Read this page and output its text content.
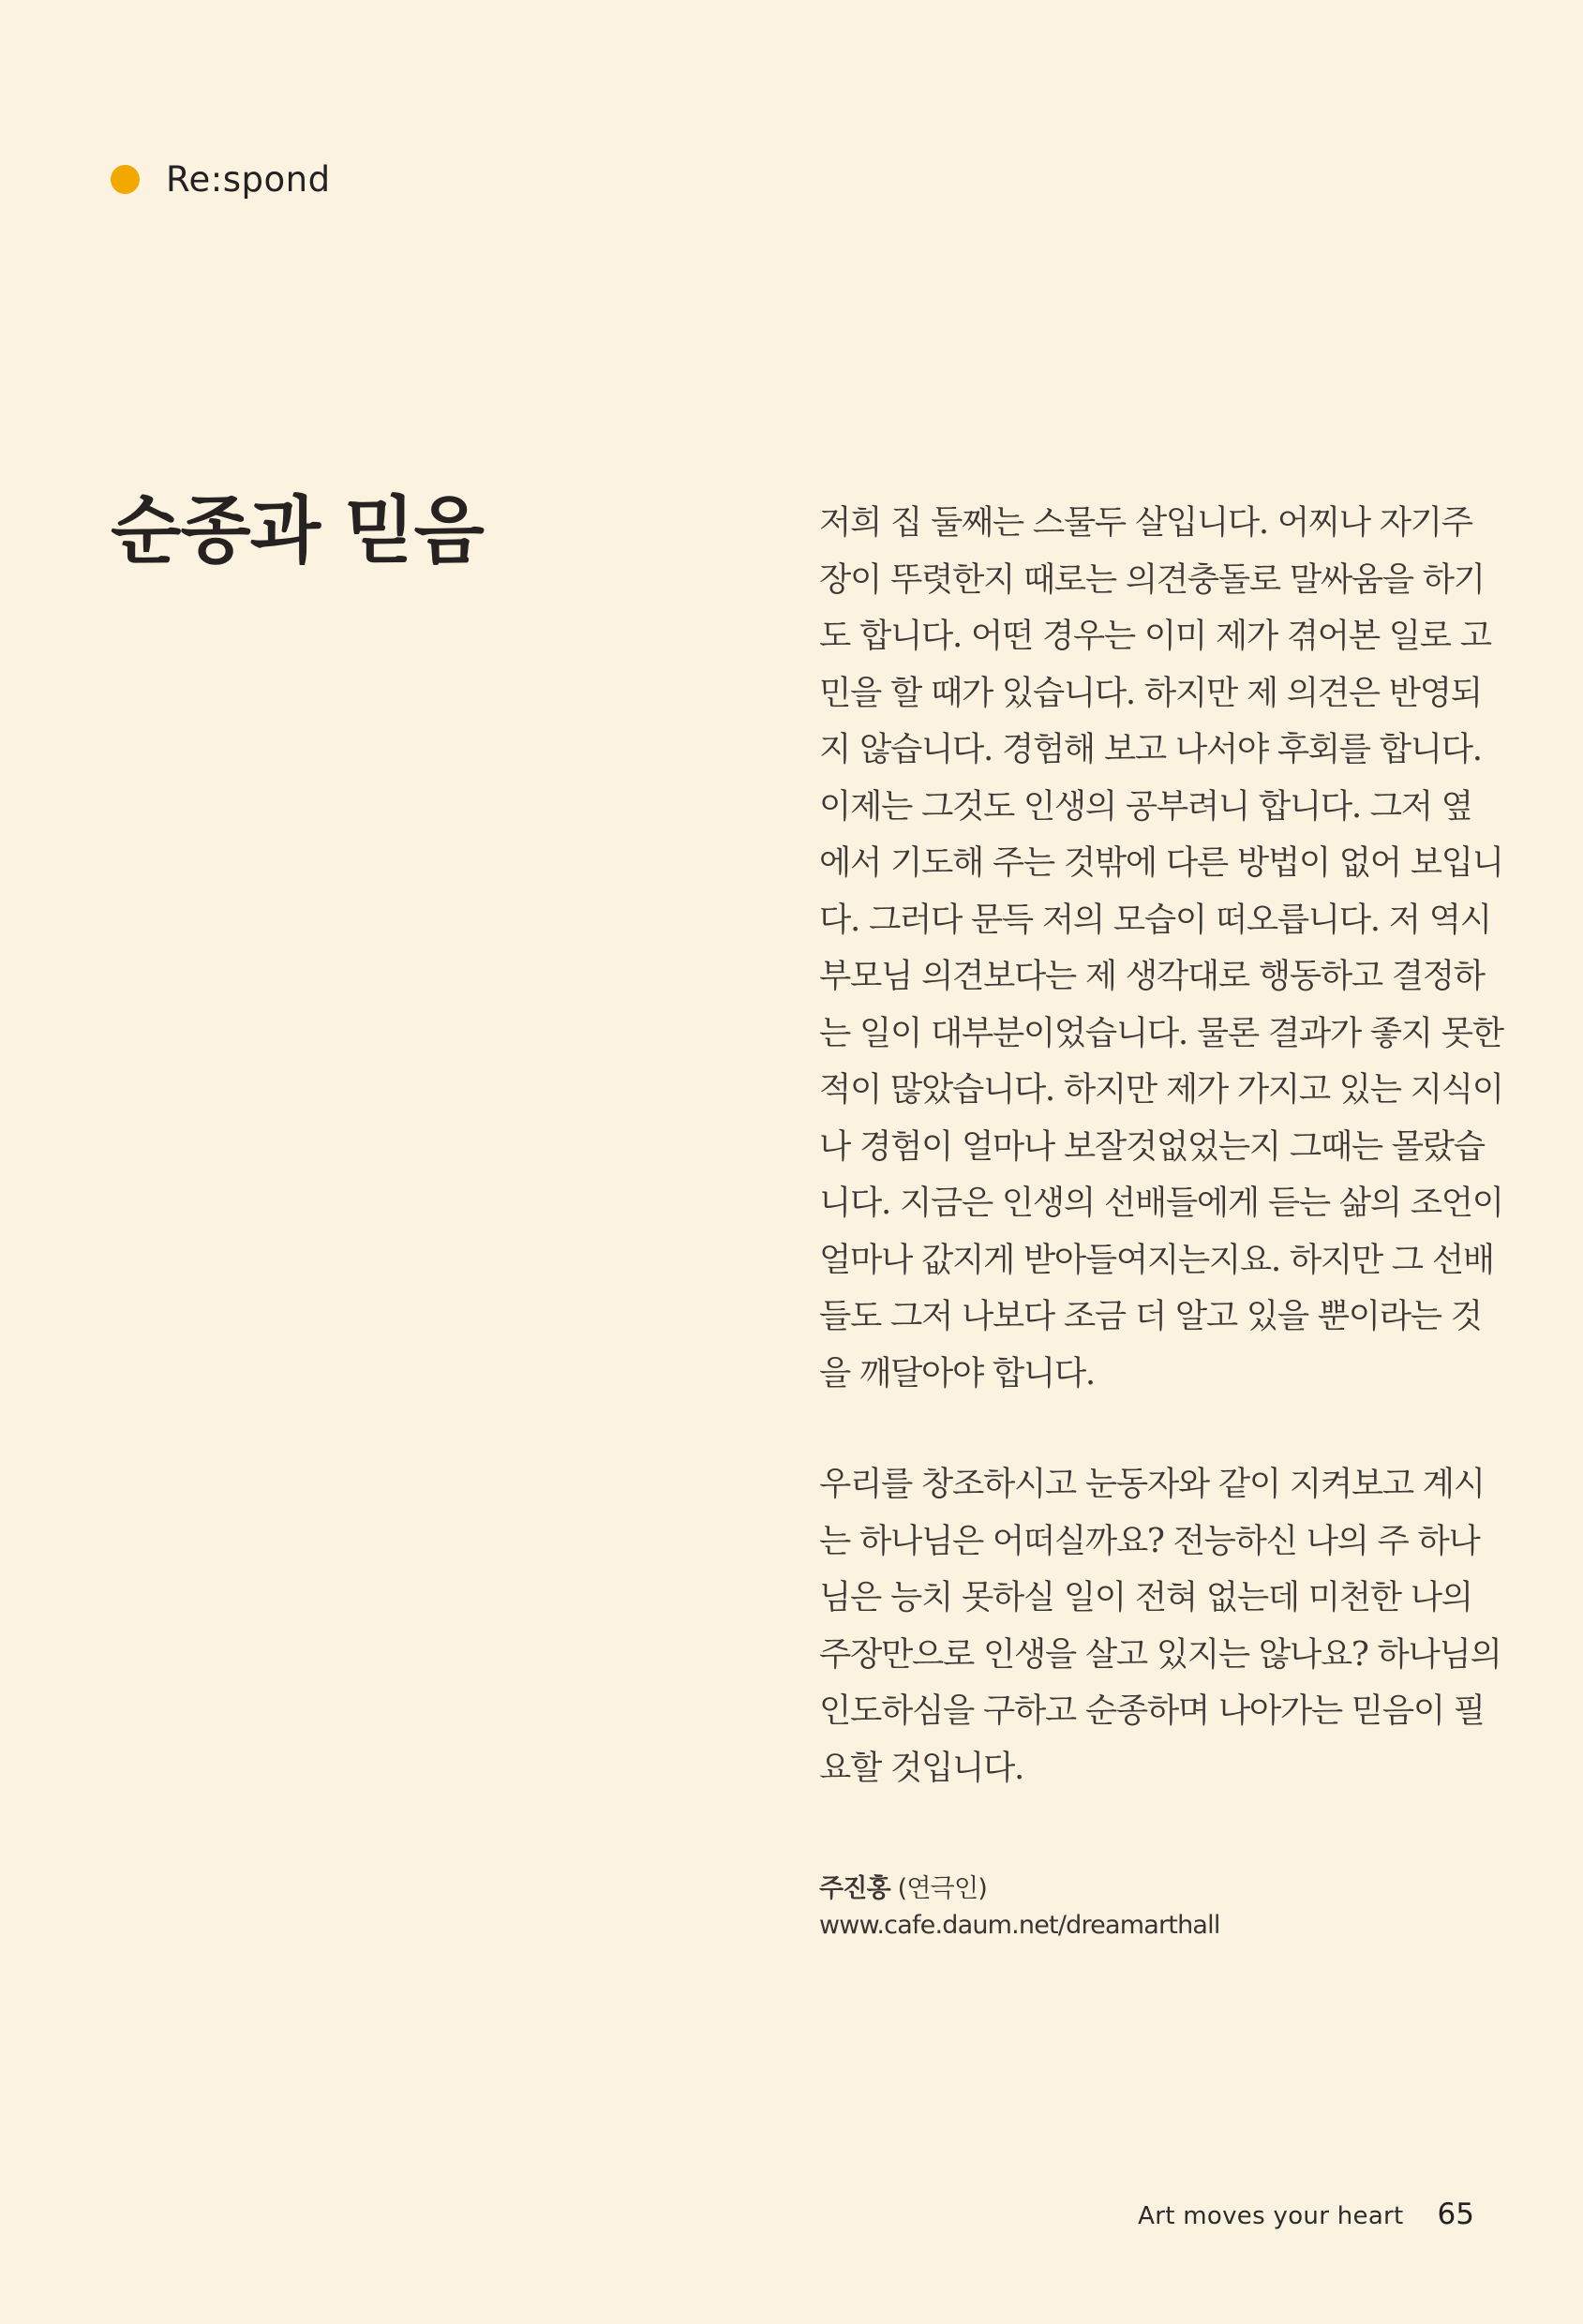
Re:spond
순종과 믿음	저희 집 둘째는 스물두 살입니다. 어찌나 자기주
장이 뚜렷한지 때로는 의견충돌로 말싸움을 하기
도 합니다. 어떤 경우는 이미 제가 겪어본 일로 고
민을 할 때가 있습니다. 하지만 제 의견은 반영되
지 않습니다. 경험해 보고 나서야 후회를 합니다.
이제는 그것도 인생의 공부려니 합니다. 그저 옆
에서 기도해 주는 것밖에 다른 방법이 없어 보입니
다. 그러다 문득 저의 모습이 떠오릅니다. 저 역시
부모님 의견보다는 제 생각대로 행동하고 결정하
는 일이 대부분이었습니다. 물론 결과가 좋지 못한
적이 많았습니다. 하지만 제가 가지고 있는 지식이
나 경험이 얼마나 보잘것없었는지 그때는 몰랐습
니다. 지금은 인생의 선배들에게 듣는 삶의 조언이
얼마나 값지게 받아들여지는지요. 하지만 그 선배
들도 그저 나보다 조금 더 알고 있을 뿐이라는 것
을 깨달아야 합니다.
우리를 창조하시고 눈동자와 같이 지켜보고 계시
는 하나님은 어떠실까요? 전능하신 나의 주 하나
님은 능치 못하실 일이 전혀 없는데 미천한 나의
주장만으로 인생을 살고 있지는 않나요? 하나님의
인도하심을 구하고 순종하며 나아가는 믿음이 필
요할 것입니다.
주진홍 (연극인)
www.cafe.daum.net/dreamarthall
Art moves your heart 65
